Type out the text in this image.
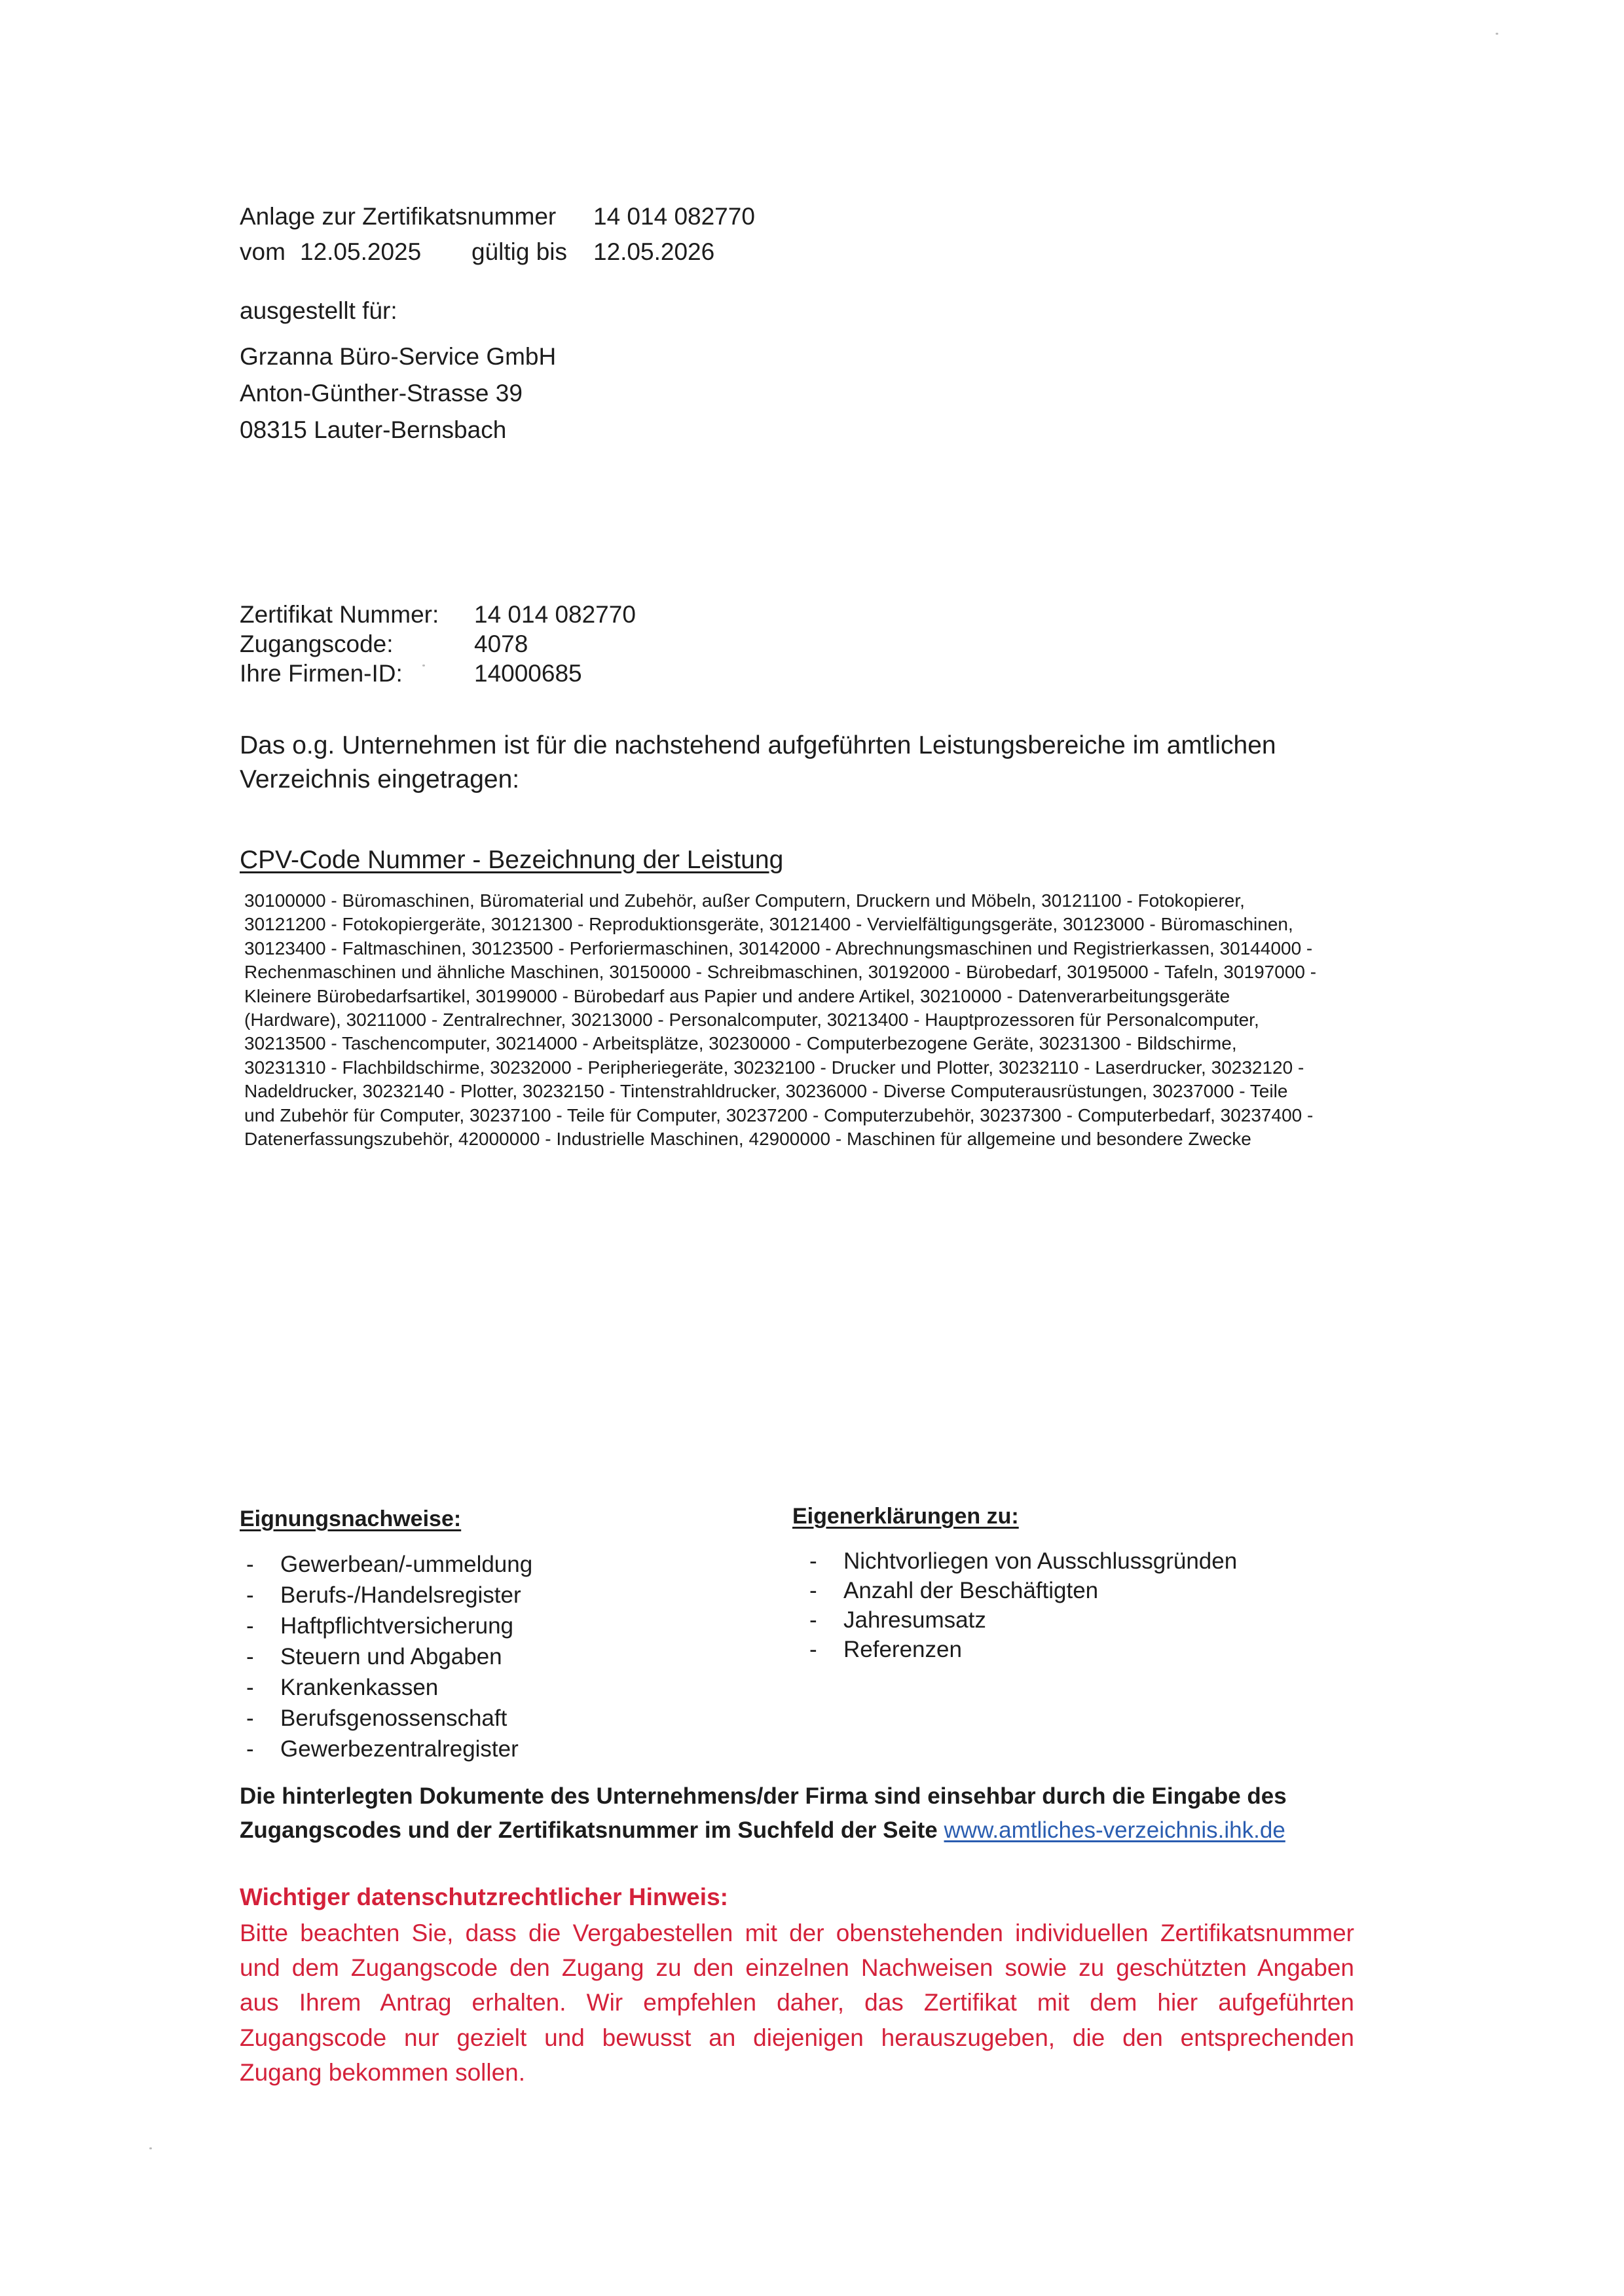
Anlage zur Zertifikatsnummer 14 014 082770
vom 12.05.2025 gültig bis 12.05.2026
ausgestellt für:
Grzanna Büro-Service GmbH
Anton-Günther-Strasse 39
08315 Lauter-Bernsbach
Zertifikat Nummer: 14 014 082770
Zugangscode:	4078
Ihre Firmen-ID:	14000685
Das o.g. Unternehmen ist für die nachstehend aufgeführten Leistungsbereiche im amtlichen
Verzeichnis eingetragen:
CPV-Code Nummer - Bezeichnung der Leistung
30100000 - Büromaschinen, Büromaterial und Zubehör, außer Computern, Druckern und Möbeln, 30121100 - Fotokopierer,
30121200 - Fotokopiergeräte, 30121300 - Reproduktionsgeräte, 30121400 - Vervielfältigungsgeräte, 30123000 - Büromaschinen,
30123400 - Faltmaschinen, 30123500 - Perforiermaschinen, 30142000 - Abrechnungsmaschinen und Registrierkassen, 30144000 -
Rechenmaschinen und ähnliche Maschinen, 30150000 - Schreibmaschinen, 30192000 - Bürobedarf, 30195000 - Tafeln, 30197000 -
Kleinere Bürobedarfsartikel, 30199000 - Bürobedarf aus Papier und andere Artikel, 30210000 - Datenverarbeitungsgeräte
(Hardware), 30211000 - Zentralrechner, 30213000 - Personalcomputer, 30213400 - Hauptprozessoren für Personalcomputer,
30213500 - Taschencomputer, 30214000 - Arbeitsplätze, 30230000 - Computerbezogene Geräte, 30231300 - Bildschirme,
30231310 - Flachbildschirme, 30232000 - Peripheriegeräte, 30232100 - Drucker und Plotter, 30232110 - Laserdrucker, 30232120 -
Nadeldrucker, 30232140 - Plotter, 30232150 - Tintenstrahldrucker, 30236000 - Diverse Computerausrüstungen, 30237000 - Teile
und Zubehör für Computer, 30237100 - Teile für Computer, 30237200 - Computerzubehör, 30237300 - Computerbedarf, 30237400 -
Datenerfassungszubehör, 42000000 - Industrielle Maschinen, 42900000 - Maschinen für allgemeine und besondere Zwecke
Eignungsnachweise:
- Gewerbean/-ummeldung
- Berufs-/Handelsregister
- Haftpflichtversicherung
- Steuern und Abgaben
- Krankenkassen
- Berufsgenossenschaft
- Gewerbezentralregister
Eigenerklärungen zu:
- Nichtvorliegen von Ausschlussgründen
- Anzahl der Beschäftigten
- Jahresumsatz
- Referenzen
Die hinterlegten Dokumente des Unternehmens/der Firma sind einsehbar durch die Eingabe des
Zugangscodes und der Zertifikatsnummer im Suchfeld der Seite www.amtliches-verzeichnis.ihk.de
Wichtiger datenschutzrechtlicher Hinweis:
Bitte beachten Sie, dass die Vergabestellen mit der obenstehenden individuellen Zertifikatsnummer
und dem Zugangscode den Zugang zu den einzelnen Nachweisen sowie zu geschützten Angaben
aus Ihrem Antrag erhalten. Wir empfehlen daher, das Zertifikat mit dem hier aufgeführten
Zugangscode nur gezielt und bewusst an diejenigen herauszugeben, die den entsprechenden
Zugang bekommen sollen.
